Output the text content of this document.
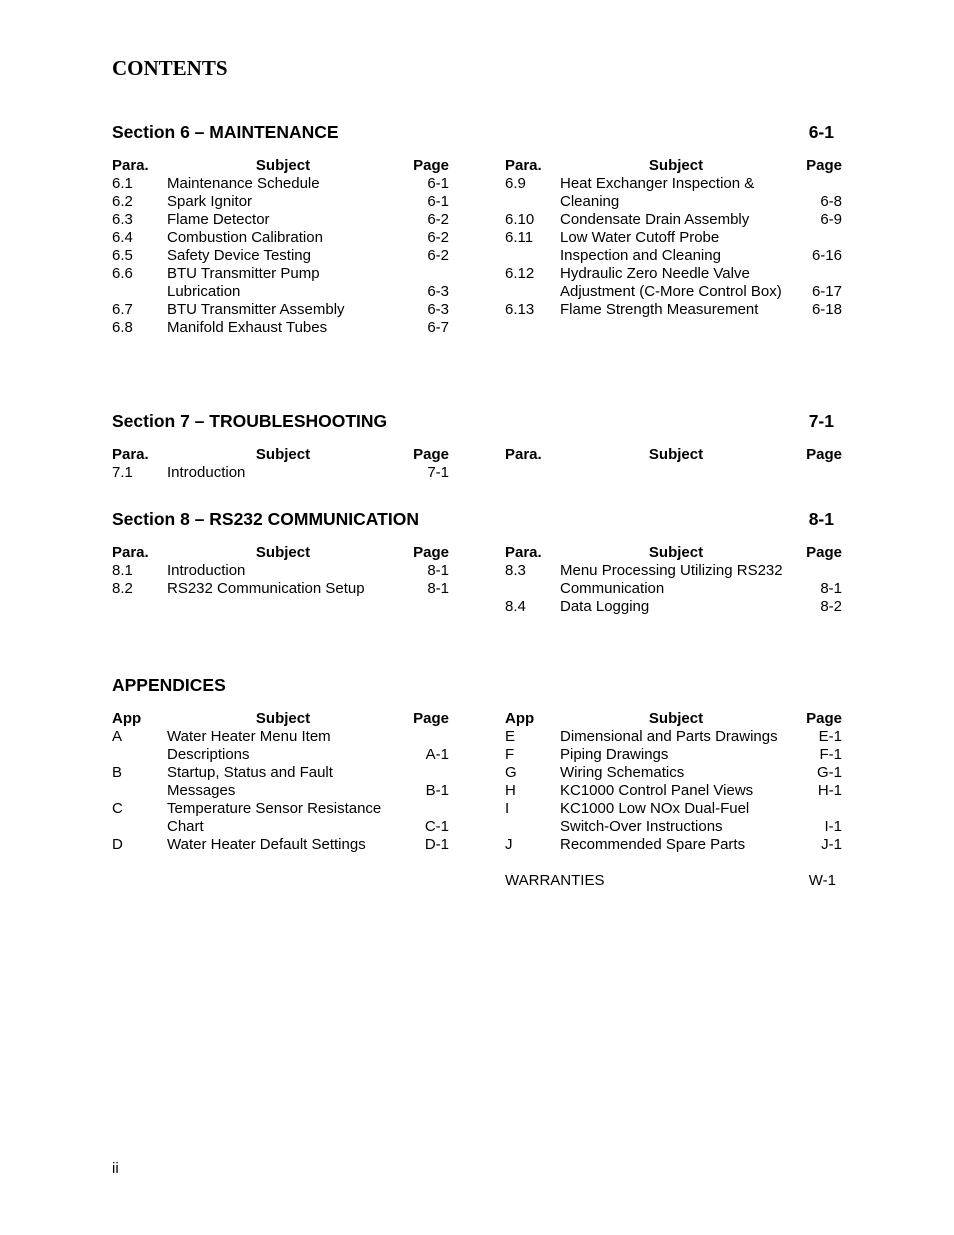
CONTENTS
Section 6 – MAINTENANCE	6-1
Para.	Subject	Page
6.1	Maintenance Schedule	6-1
6.2	Spark Ignitor	6-1
6.3	Flame Detector	6-2
6.4	Combustion Calibration	6-2
6.5	Safety Device Testing	6-2
6.6	BTU Transmitter Pump Lubrication	6-3
6.7	BTU Transmitter Assembly	6-3
6.8	Manifold Exhaust Tubes	6-7
Para.	Subject	Page
6.9	Heat Exchanger Inspection & Cleaning	6-8
6.10	Condensate Drain Assembly	6-9
6.11	Low Water Cutoff Probe Inspection and Cleaning	6-16
6.12	Hydraulic Zero Needle Valve Adjustment (C-More Control Box)	6-17
6.13	Flame Strength Measurement	6-18
Section 7 – TROUBLESHOOTING	7-1
Para.	Subject	Page
7.1	Introduction	7-1
Para.	Subject	Page
Section 8 – RS232 COMMUNICATION	8-1
Para.	Subject	Page
8.1	Introduction	8-1
8.2	RS232 Communication Setup	8-1
Para.	Subject	Page
8.3	Menu Processing Utilizing RS232 Communication	8-1
8.4	Data Logging	8-2
APPENDICES
App	Subject	Page
A	Water Heater Menu Item Descriptions	A-1
B	Startup, Status and Fault Messages	B-1
C	Temperature Sensor Resistance Chart	C-1
D	Water Heater Default Settings	D-1
App	Subject	Page
E	Dimensional and Parts Drawings	E-1
F	Piping Drawings	F-1
G	Wiring Schematics	G-1
H	KC1000 Control Panel Views	H-1
I	KC1000 Low NOx Dual-Fuel Switch-Over Instructions	I-1
J	Recommended Spare Parts	J-1
WARRANTIES	W-1
ii
